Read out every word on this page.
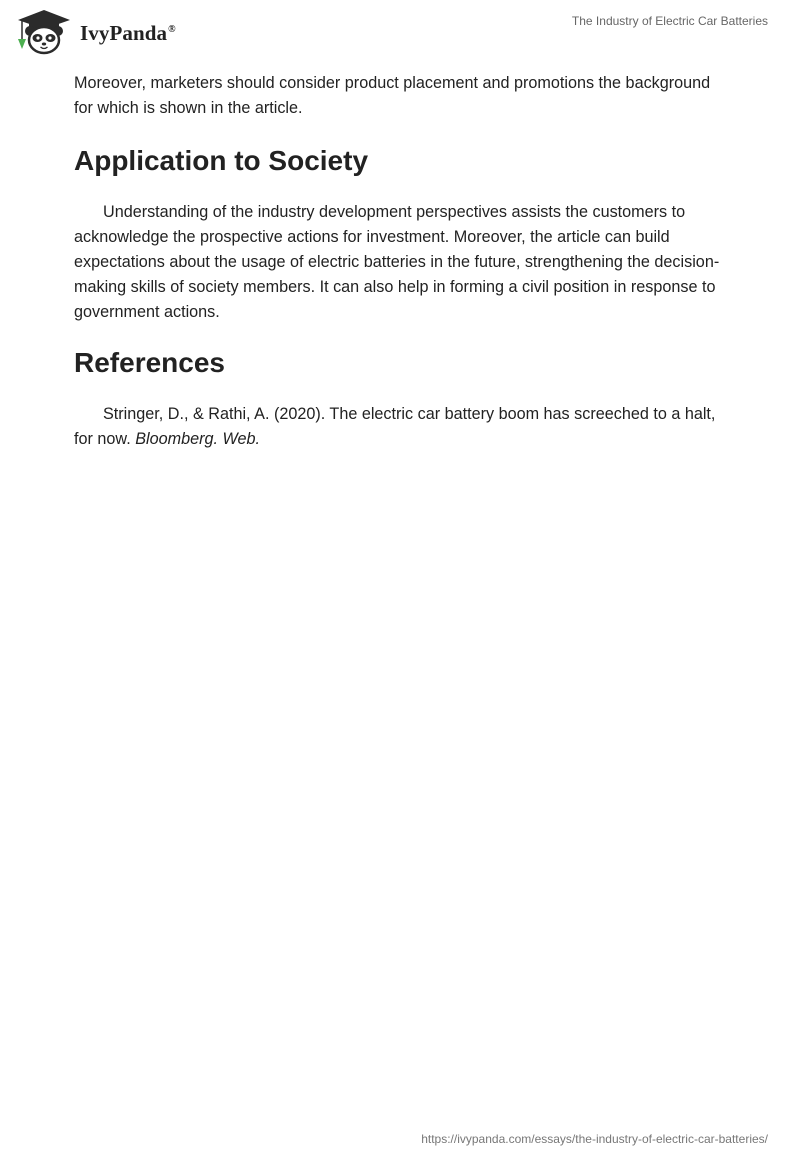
IvyPanda®
The Industry of Electric Car Batteries

Moreover, marketers should consider product placement and promotions the background for which is shown in the article.

Application to Society

Understanding of the industry development perspectives assists the customers to acknowledge the prospective actions for investment. Moreover, the article can build expectations about the usage of electric batteries in the future, strengthening the decision-making skills of society members. It can also help in forming a civil position in response to government actions.

References

Stringer, D., & Rathi, A. (2020). The electric car battery boom has screeched to a halt, for now. Bloomberg. Web.

https://ivypanda.com/essays/the-industry-of-electric-car-batteries/
